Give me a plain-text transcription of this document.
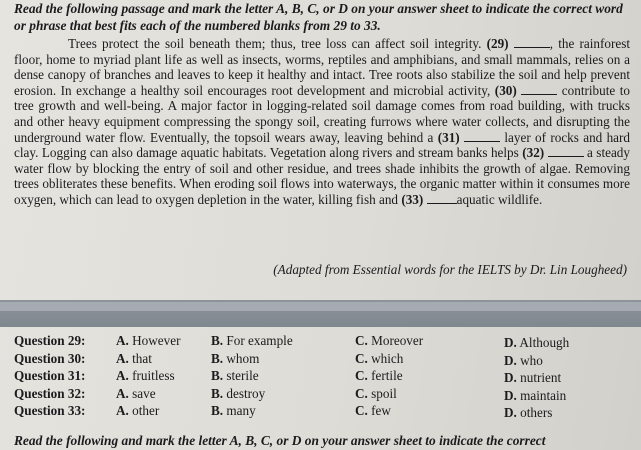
Read the following passage and mark the letter A, B, C, or D on your answer sheet to indicate the correct word or phrase that best fits each of the numbered blanks from 29 to 33.

Trees protect the soil beneath them; thus, tree loss can affect soil integrity. (29)	, the rainforest floor, home to myriad plant life as well as insects, worms, reptiles and amphibians, and small mammals, relies on a dense canopy of branches and leaves to keep it healthy and intact. Tree roots also stabilize the soil and help prevent erosion. In exchange a healthy soil encourages root development and microbial activity, (30)	contribute to tree growth and well-being. A major factor in logging-related soil damage comes from road building, with trucks and other heavy equipment compressing the spongy soil, creating furrows where water collects, and disrupting the underground water flow. Eventually, the topsoil wears away, leaving behind a (31)	layer of rocks and hard clay. Logging can also damage aquatic habitats. Vegetation along rivers and stream banks helps (32)	a steady water flow by blocking the entry of soil and other residue, and trees shade inhibits the growth of algae. Removing trees obliterates these benefits. When eroding soil flows into waterways, the organic matter within it consumes more oxygen, which can lead to oxygen depletion in the water, killing fish and (33)	aquatic wildlife.

(Adapted from Essential words for the IELTS by Dr. Lin Lougheed)
Question 29: A. However B. For example	C. Moreover	D. Although
Question 30: A. that	B. whom	C. which	D. who
Question 31: A. fruitless	B. sterile	C. fertile	D. nutrient
Question 32: A. save	B. destroy	C. spoil	D. maintain
Question 33: A. other	B. many	C. few	D. others
Read the following and mark the letter A, B, C, or D on your answer sheet to indicate the correct
